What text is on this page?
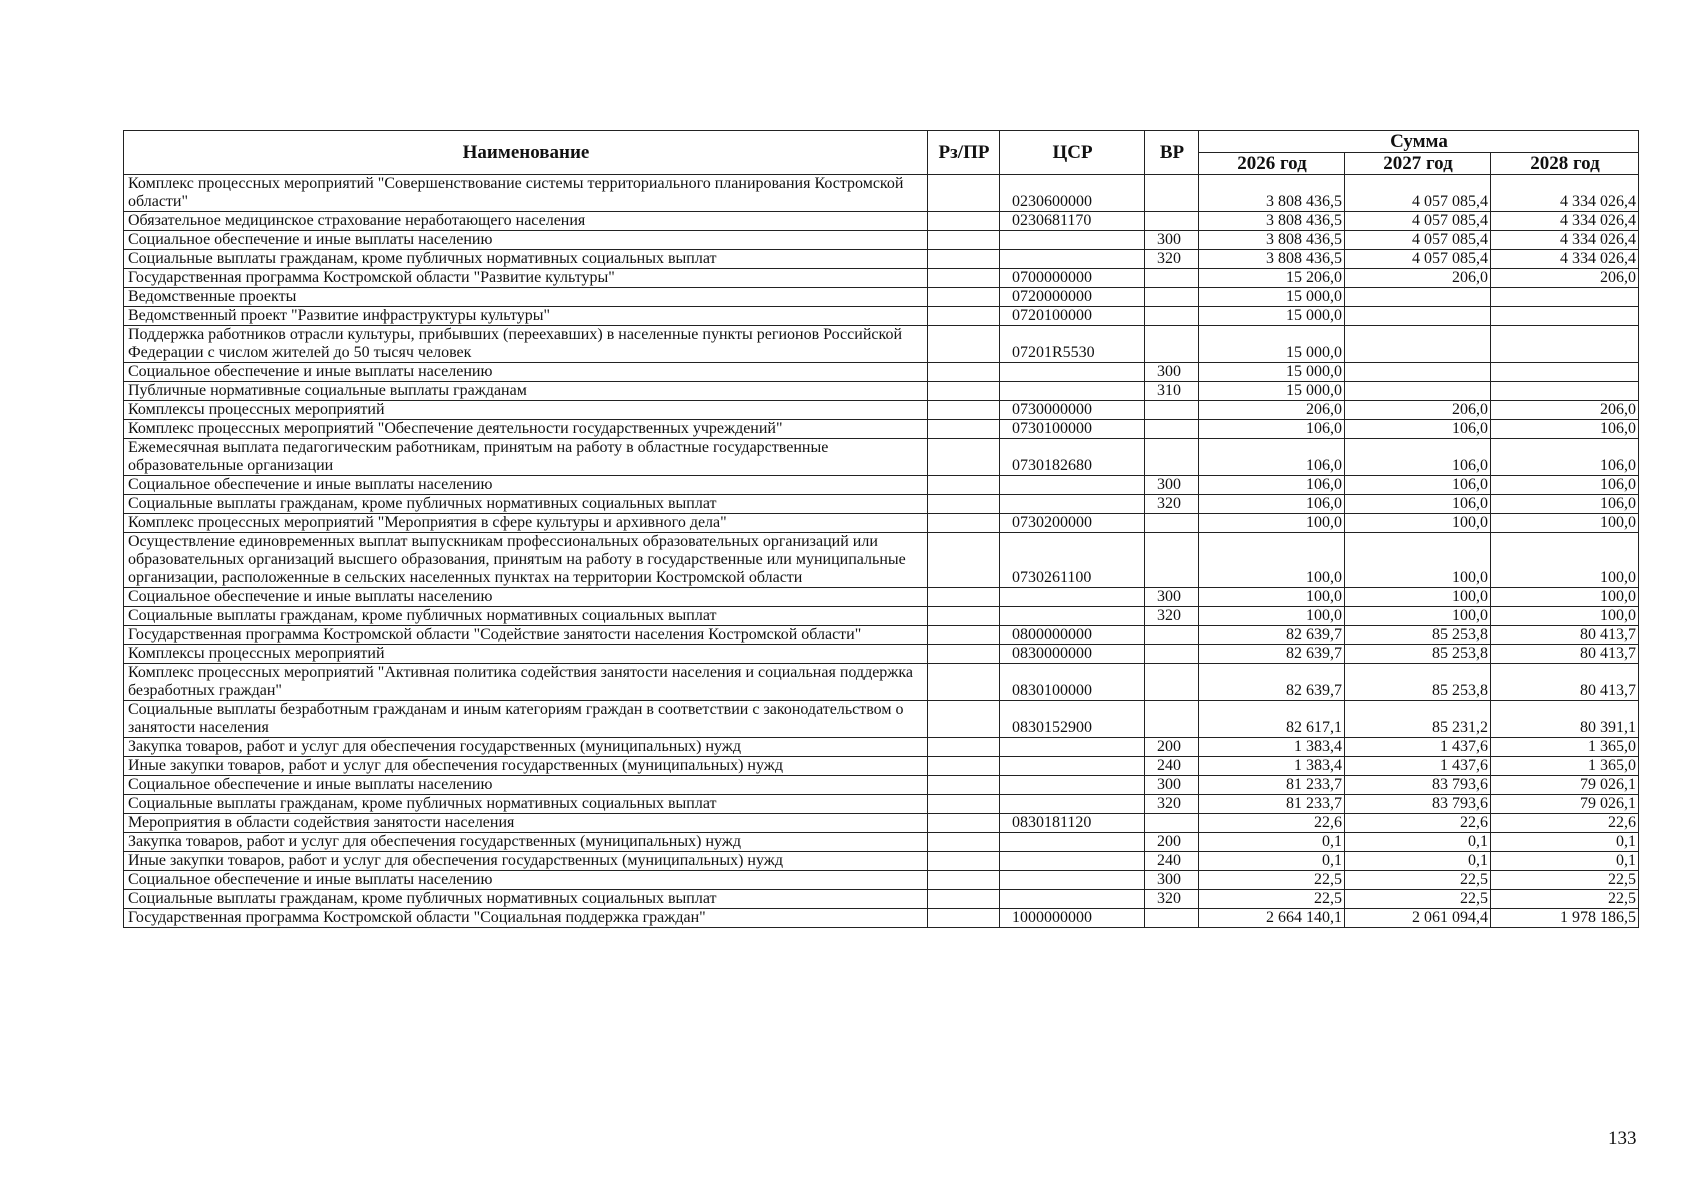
Наименование	Рз/ПР	ЦСР	ВР	Сумма		
				2026 год	2027 год	2028 год
Комплекс процессных мероприятий "Совершенствование системы территориального планирования Костромской области"		0230600000		3 808 436,5	4 057 085,4	4 334 026,4
Обязательное медицинское страхование неработающего населения		0230681170		3 808 436,5	4 057 085,4	4 334 026,4
Социальное обеспечение и иные выплаты населению			300	3 808 436,5	4 057 085,4	4 334 026,4
Социальные выплаты гражданам, кроме публичных нормативных социальных выплат			320	3 808 436,5	4 057 085,4	4 334 026,4
Государственная программа Костромской области "Развитие культуры"		0700000000		15 206,0	206,0	206,0
Ведомственные проекты		0720000000		15 000,0		
Ведомственный проект "Развитие инфраструктуры культуры"		0720100000		15 000,0		
Поддержка работников отрасли культуры, прибывших (переехавших) в населенные пункты регионов Российской Федерации с числом жителей до 50 тысяч человек		07201R5530		15 000,0		
Социальное обеспечение и иные выплаты населению			300	15 000,0		
Публичные нормативные социальные выплаты гражданам			310	15 000,0		
Комплексы процессных мероприятий		0730000000		206,0	206,0	206,0
Комплекс процессных мероприятий "Обеспечение деятельности государственных учреждений"		0730100000		106,0	106,0	106,0
Ежемесячная выплата педагогическим работникам, принятым на работу в областные государственные образовательные организации		0730182680		106,0	106,0	106,0
Социальное обеспечение и иные выплаты населению			300	106,0	106,0	106,0
Социальные выплаты гражданам, кроме публичных нормативных социальных выплат			320	106,0	106,0	106,0
Комплекс процессных мероприятий "Мероприятия в сфере культуры и архивного дела"		0730200000		100,0	100,0	100,0
Осуществление единовременных выплат выпускникам профессиональных образовательных организаций или образовательных организаций высшего образования, принятым на работу в государственные или муниципальные организации, расположенные в сельских населенных пунктах на территории Костромской области		0730261100		100,0	100,0	100,0
Социальное обеспечение и иные выплаты населению			300	100,0	100,0	100,0
Социальные выплаты гражданам, кроме публичных нормативных социальных выплат			320	100,0	100,0	100,0
Государственная программа Костромской области "Содействие занятости населения Костромской области"		0800000000		82 639,7	85 253,8	80 413,7
Комплексы процессных мероприятий		0830000000		82 639,7	85 253,8	80 413,7
Комплекс процессных мероприятий "Активная политика содействия занятости населения и социальная поддержка безработных граждан"		0830100000		82 639,7	85 253,8	80 413,7
Социальные выплаты безработным гражданам и иным категориям граждан в соответствии с законодательством о занятости населения		0830152900		82 617,1	85 231,2	80 391,1
Закупка товаров, работ и услуг для обеспечения государственных (муниципальных) нужд			200	1 383,4	1 437,6	1 365,0
Иные закупки товаров, работ и услуг для обеспечения государственных (муниципальных) нужд			240	1 383,4	1 437,6	1 365,0
Социальное обеспечение и иные выплаты населению			300	81 233,7	83 793,6	79 026,1
Социальные выплаты гражданам, кроме публичных нормативных социальных выплат			320	81 233,7	83 793,6	79 026,1
Мероприятия в области содействия занятости населения		0830181120		22,6	22,6	22,6
Закупка товаров, работ и услуг для обеспечения государственных (муниципальных) нужд			200	0,1	0,1	0,1
Иные закупки товаров, работ и услуг для обеспечения государственных (муниципальных) нужд			240	0,1	0,1	0,1
Социальное обеспечение и иные выплаты населению			300	22,5	22,5	22,5
Социальные выплаты гражданам, кроме публичных нормативных социальных выплат			320	22,5	22,5	22,5
Государственная программа Костромской области "Социальная поддержка граждан"		1000000000		2 664 140,1	2 061 094,4	1 978 186,5
133
